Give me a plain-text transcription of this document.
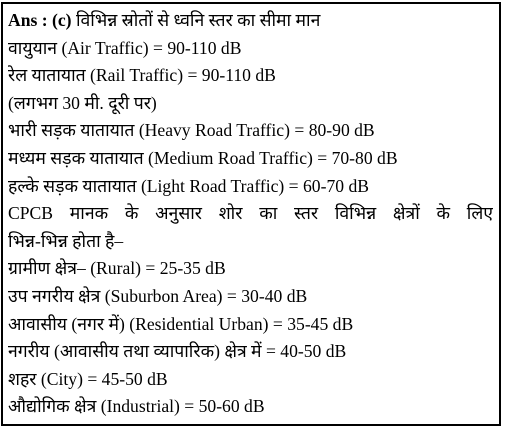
Ans : (c) विभिन्न स्रोतों से ध्वनि स्तर का सीमा मान
वायुयान (Air Traffic) = 90-110 dB
रेल यातायात (Rail Traffic) = 90-110 dB
(लगभग 30 मी. दूरी पर)
भारी सड़क यातायात (Heavy Road Traffic) = 80-90 dB
मध्यम सड़क यातायात (Medium Road Traffic) = 70-80 dB
हल्के सड़क यातायात (Light Road Traffic) = 60-70 dB
CPCB मानक के अनुसार शोर का स्तर विभिन्न क्षेत्रों के लिए
भिन्न-भिन्न होता है–
ग्रामीण क्षेत्र– (Rural) = 25-35 dB
उप नगरीय क्षेत्र (Suburbon Area) = 30-40 dB
आवासीय (नगर में) (Residential Urban) = 35-45 dB
नगरीय (आवासीय तथा व्यापारिक) क्षेत्र में = 40-50 dB
शहर (City) = 45-50 dB
औद्योगिक क्षेत्र (Industrial) = 50-60 dB
